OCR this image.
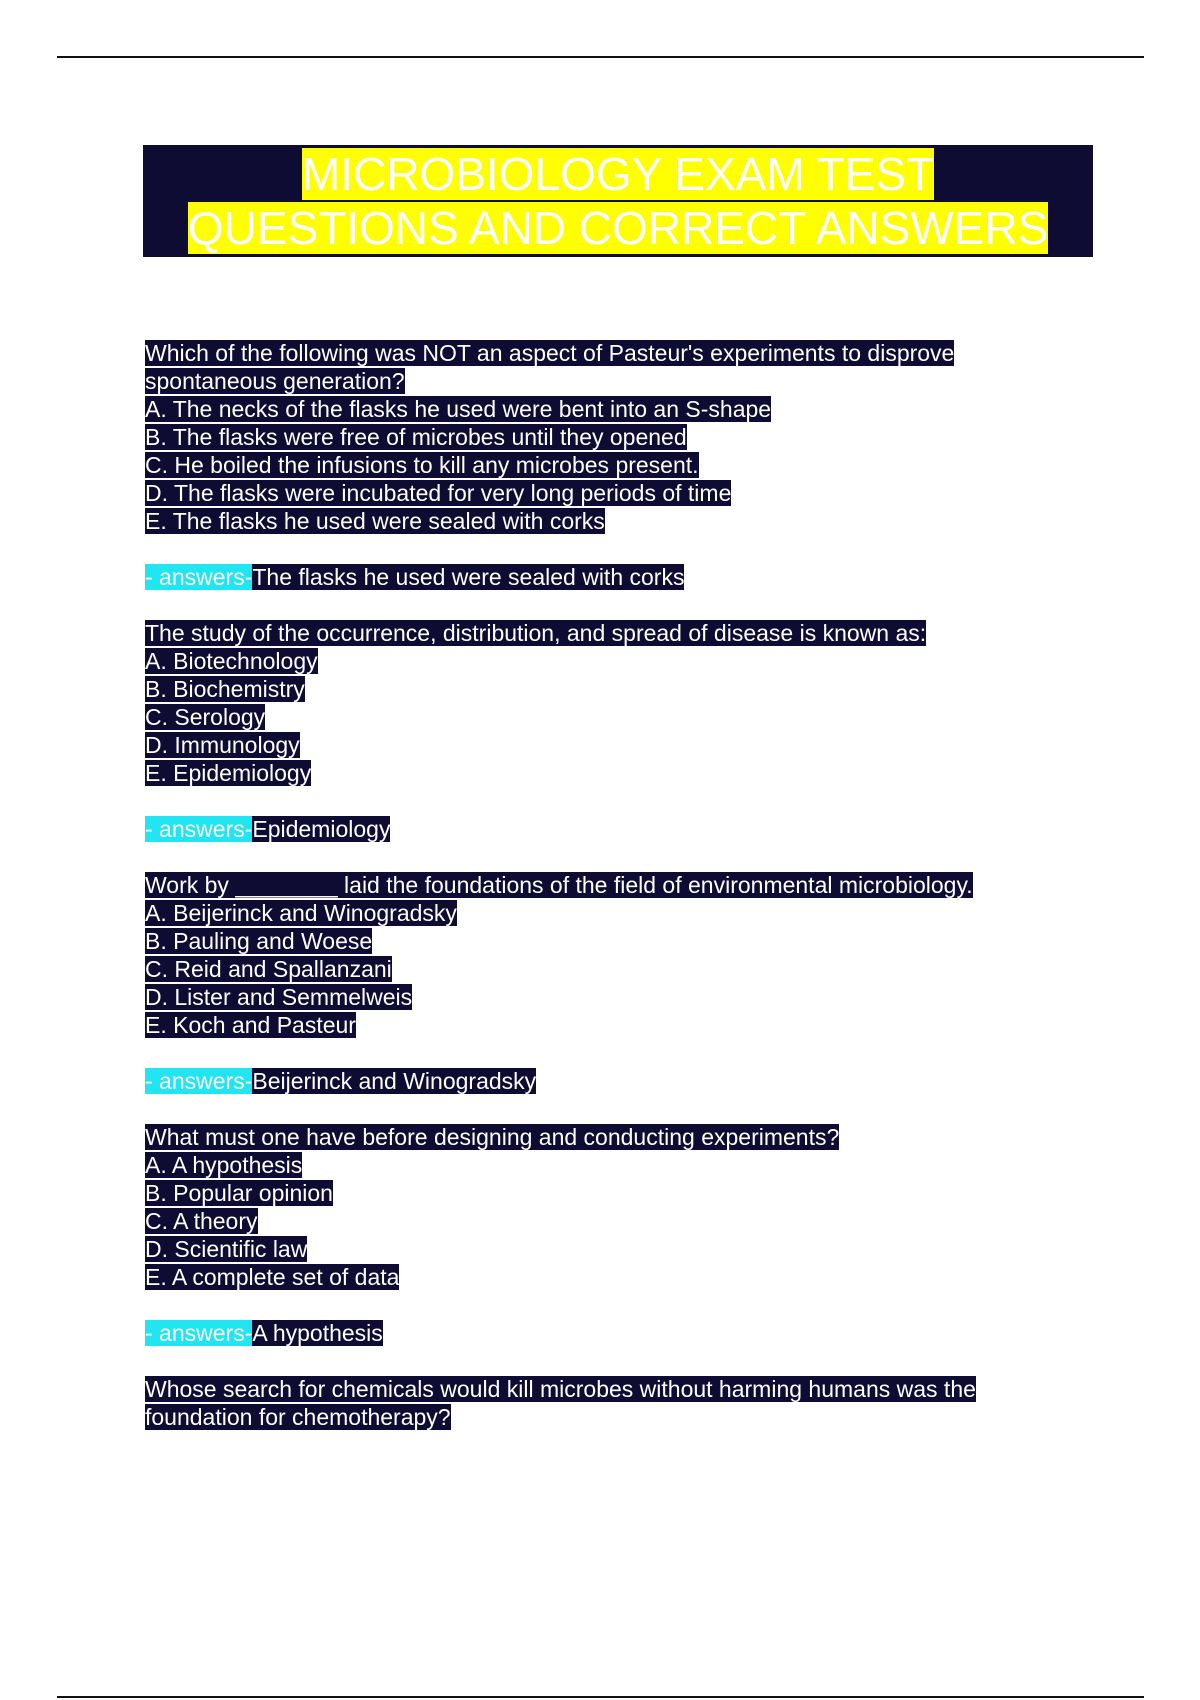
MICROBIOLOGY EXAM TEST
QUESTIONS AND CORRECT ANSWERS
Which of the following was NOT an aspect of Pasteur's experiments to disprove
spontaneous generation?
A. The necks of the flasks he used were bent into an S-shape
B. The flasks were free of microbes until they opened
C. He boiled the infusions to kill any microbes present.
D. The flasks were incubated for very long periods of time
E. The flasks he used were sealed with corks
- answers-The flasks he used were sealed with corks
The study of the occurrence, distribution, and spread of disease is known as:
A. Biotechnology
B. Biochemistry
C. Serology
D. Immunology
E. Epidemiology
- answers-Epidemiology
Work by ________ laid the foundations of the field of environmental microbiology.
A. Beijerinck and Winogradsky
B. Pauling and Woese
C. Reid and Spallanzani
D. Lister and Semmelweis
E. Koch and Pasteur
- answers-Beijerinck and Winogradsky
What must one have before designing and conducting experiments?
A. A hypothesis
B. Popular opinion
C. A theory
D. Scientific law
E. A complete set of data
- answers-A hypothesis
Whose search for chemicals would kill microbes without harming humans was the
foundation for chemotherapy?
